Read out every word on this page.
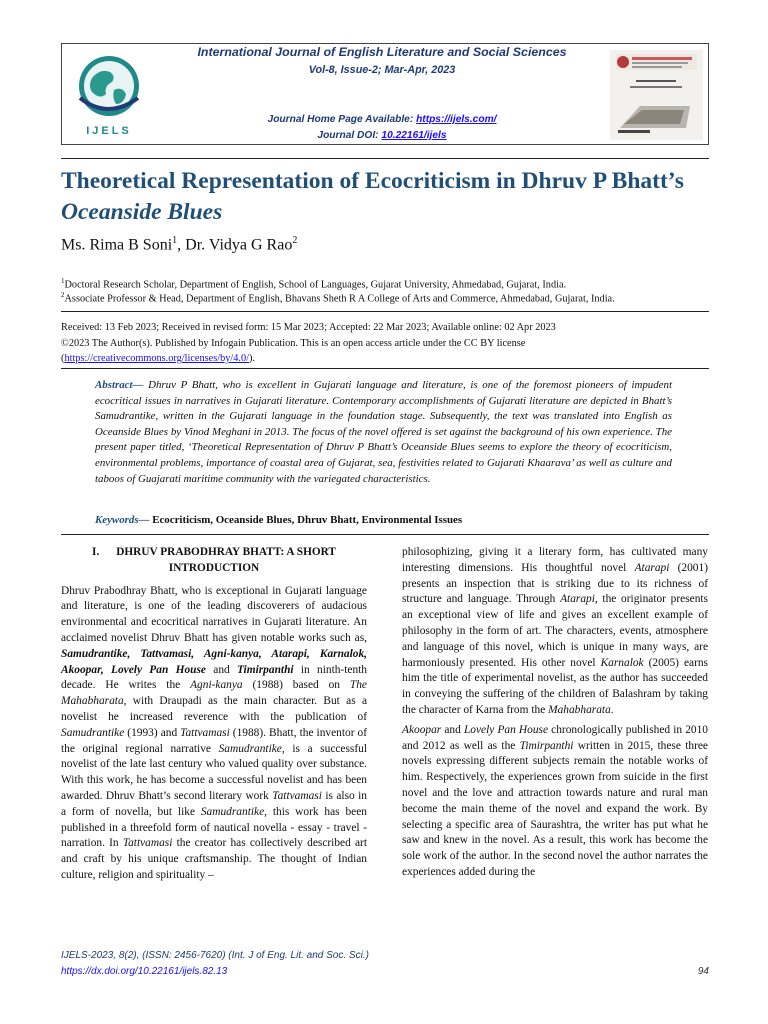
IJELS
International Journal of English Literature and Social Sciences
Vol-8, Issue-2; Mar-Apr, 2023
Journal Home Page Available: https://ijels.com/
Journal DOI: 10.22161/ijels
Theoretical Representation of Ecocriticism in Dhruv P Bhatt’s
Oceanside Blues
Ms. Rima B Soni$^1$, Dr. Vidya G Rao$^2$
$^1$Doctoral Research Scholar, Department of English, School of Languages, Gujarat University, Ahmedabad, Gujarat, India.
$^2$Associate Professor & Head, Department of English, Bhavans Sheth R A College of Arts and Commerce, Ahmedabad, Gujarat, India.
Received: 13 Feb 2023; Received in revised form: 15 Mar 2023; Accepted: 22 Mar 2023; Available online: 02 Apr 2023
©2023 The Author(s). Published by Infogain Publication. This is an open access article under the CC BY license
(https://creativecommons.org/licenses/by/4.0/).
Abstract— Dhruv P Bhatt, who is excellent in Gujarati language and literature, is one of the foremost pioneers of impudent ecocritical issues in narratives in Gujarati literature. Contemporary accomplishments of Gujarati literature are depicted in Bhatt’s Samudrantike, written in the Gujarati language in the foundation stage. Subsequently, the text was translated into English as Oceanside Blues by Vinod Meghani in 2013. The focus of the novel offered is set against the background of his own experience. The present paper titled, ‘Theoretical Representation of Dhruv P Bhatt’s Oceanside Blues seems to explore the theory of ecocriticism, environmental problems, importance of coastal area of Gujarat, sea, festivities related to Gujarati Khaarava’ as well as culture and taboos of Guajarati maritime community with the variegated characteristics.
Keywords— Ecocriticism, Oceanside Blues, Dhruv Bhatt, Environmental Issues
I. DHRUV PRABODHRAY BHATT: A SHORT
INTRODUCTION

Dhruv Prabodhray Bhatt, who is exceptional in Gujarati language and literature, is one of the leading discoverers of audacious environmental and ecocritical narratives in Gujarati literature. An acclaimed novelist Dhruv Bhatt has given notable works such as, Samudrantike, Tattvamasi, Agni-kanya, Atarapi, Karnalok, Akoopar, Lovely Pan House and Timirpanthi in ninth-tenth decade. He writes the Agni-kanya (1988) based on The Mahabharata, with Draupadi as the main character. But as a novelist he increased reverence with the publication of Samudrantike (1993) and Tattvamasi (1988). Bhatt, the inventor of the original regional narrative Samudrantike, is a successful novelist of the late last century who valued quality over substance. With this work, he has become a successful novelist and has been awarded. Dhruv Bhatt’s second literary work Tattvamasi is also in a form of novella, but like Samudrantike, this work has been published in a threefold form of nautical novella - essay - travel - narration. In Tattvamasi the creator has collectively described art and craft by his unique craftsmanship. The thought of Indian culture, religion and spirituality –

philosophizing, giving it a literary form, has cultivated many interesting dimensions. His thoughtful novel Atarapi (2001) presents an inspection that is striking due to its richness of structure and language. Through Atarapi, the originator presents an exceptional view of life and gives an excellent example of philosophy in the form of art. The characters, events, atmosphere and language of this novel, which is unique in many ways, are harmoniously presented. His other novel Karnalok (2005) earns him the title of experimental novelist, as the author has succeeded in conveying the suffering of the children of Balashram by taking the character of Karna from the Mahabharata.

Akoopar and Lovely Pan House chronologically published in 2010 and 2012 as well as the Timirpanthi written in 2015, these three novels expressing different subjects remain the notable works of him. Respectively, the experiences grown from suicide in the first novel and the love and attraction towards nature and rural man become the main theme of the novel and expand the work. By selecting a specific area of Saurashtra, the writer has put what he saw and knew in the novel. As a result, this work has become the sole work of the author. In the second novel the author narrates the experiences added during the

IJELS-2023, 8(2), (ISSN: 2456-7620) (Int. J of Eng. Lit. and Soc. Sci.)
https://dx.doi.org/10.22161/ijels.82.13	94
